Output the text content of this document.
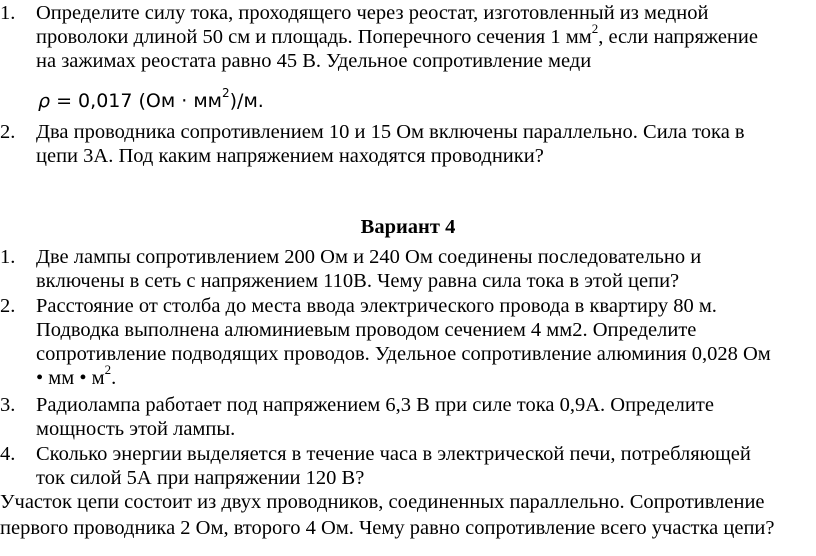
1.	Определите силу тока, проходящего через реостат, изготовленный из медной
проволоки длиной 50 см и площадь. Поперечного сечения 1 $мм^2$, если напряжение
на зажимах реостата равно 45 В. Удельное сопротивление меди
ρ = 0,017 $(Ом \cdot мм^2)/м$.
2.	Два проводника сопротивлением 10 и 15 Ом включены параллельно. Сила тока в
цепи 3А. Под каким напряжением находятся проводники?
Вариант 4
1.	Две лампы сопротивлением 200 Ом и 240 Ом соединены последовательно и
включены в сеть с напряжением 110В. Чему равна сила тока в этой цепи?
2.	Расстояние от столба до места ввода электрического провода в квартиру 80 м.
Подводка выполнена алюминиевым проводом сечением 4 мм2. Определите
сопротивление подводящих проводов. Удельное сопротивление алюминия 0,028 Ом
• мм • $м^2$.
3.	Радиолампа работает под напряжением 6,3 В при силе тока 0,9А. Определите
мощность этой лампы.
4.	Сколько энергии выделяется в течение часа в электрической печи, потребляющей
ток силой 5А при напряжении 120 В?
Участок цепи состоит из двух проводников, соединенных параллельно. Сопротивление
первого проводника 2 Ом, второго 4 Ом. Чему равно сопротивление всего участка цепи?
